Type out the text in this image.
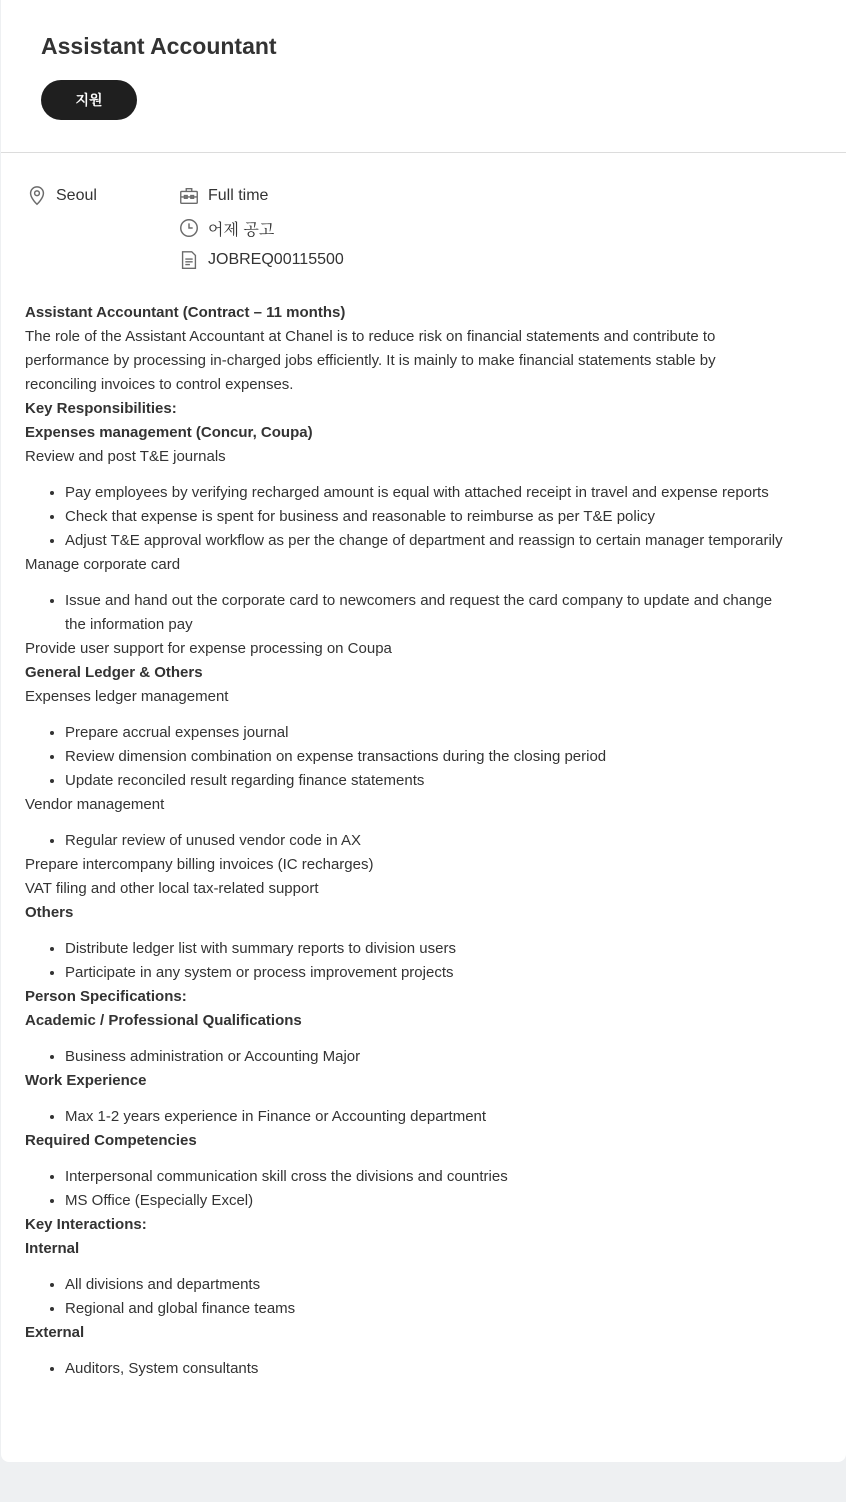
Assistant Accountant
지원
Seoul	Full time
어제 공고
JOBREQ00115500

Assistant Accountant (Contract – 11 months)

The role of the Assistant Accountant at Chanel is to reduce risk on financial statements and contribute to performance by processing in-charged jobs efficiently. It is mainly to make financial statements stable by reconciling invoices to control expenses.

Key Responsibilities:

Expenses management (Concur, Coupa)

Review and post T&E journals

• Pay employees by verifying recharged amount is equal with attached receipt in travel and expense reports
• Check that expense is spent for business and reasonable to reimburse as per T&E policy
• Adjust T&E approval workflow as per the change of department and reassign to certain manager temporarily

Manage corporate card

• Issue and hand out the corporate card to newcomers and request the card company to update and change the information pay

Provide user support for expense processing on Coupa

General Ledger & Others

Expenses ledger management

• Prepare accrual expenses journal
• Review dimension combination on expense transactions during the closing period
• Update reconciled result regarding finance statements

Vendor management

• Regular review of unused vendor code in AX

Prepare intercompany billing invoices (IC recharges)

VAT filing and other local tax-related support

Others

• Distribute ledger list with summary reports to division users
• Participate in any system or process improvement projects

Person Specifications:

Academic / Professional Qualifications

• Business administration or Accounting Major

Work Experience

• Max 1-2 years experience in Finance or Accounting department

Required Competencies

• Interpersonal communication skill cross the divisions and countries
• MS Office (Especially Excel)

Key Interactions:

Internal

• All divisions and departments
• Regional and global finance teams

External

• Auditors, System consultants
